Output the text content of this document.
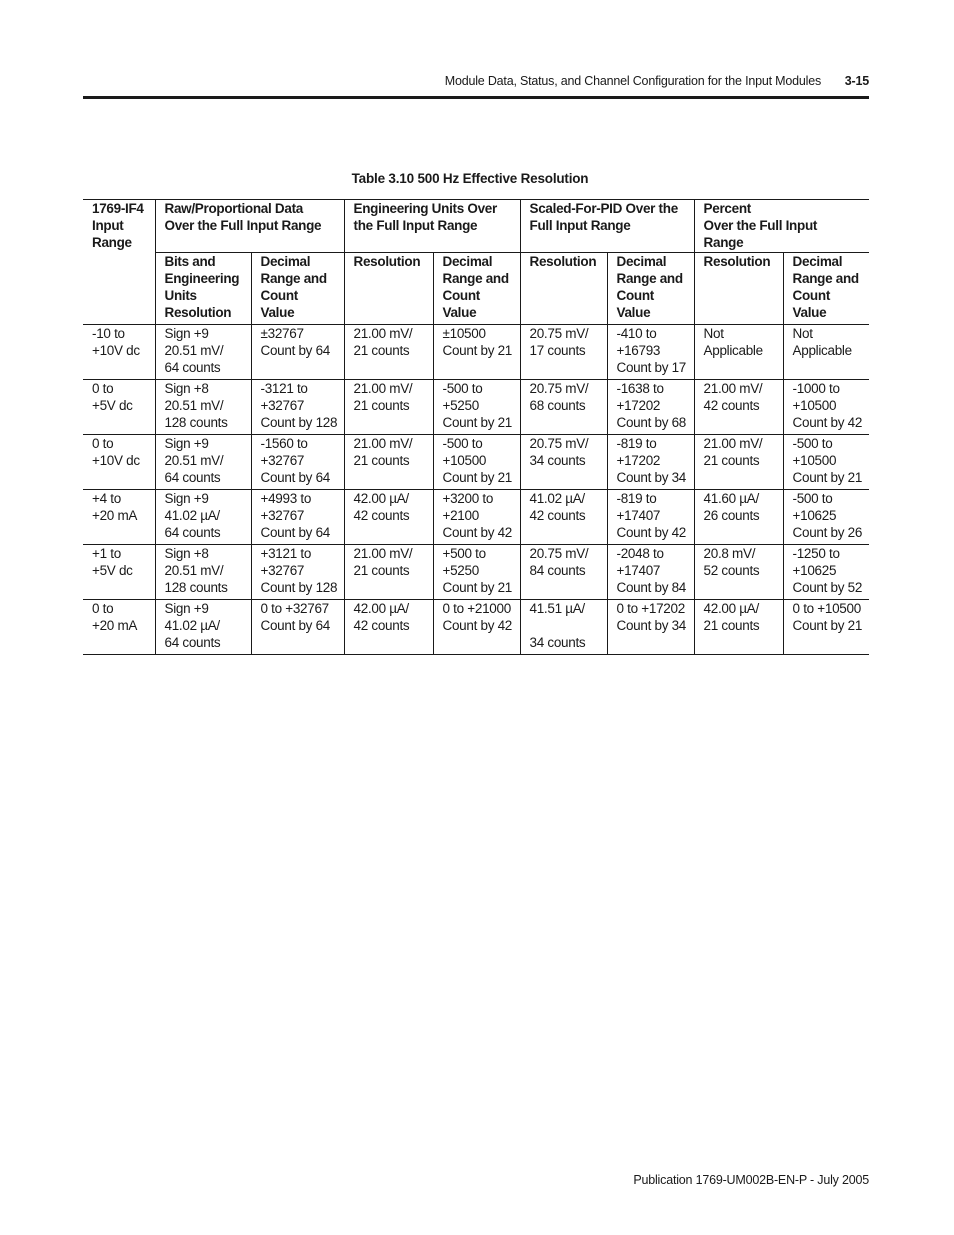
Module Data, Status, and Channel Configuration for the Input Modules 3-15
Table 3.10 500 Hz Effective Resolution
1769-IF4
Input
Range	Raw/Proportional Data
Over the Full Input Range		Engineering Units Over
the Full Input Range		Scaled-For-PID Over the
Full Input Range		Percent
Over the Full Input
Range	
	Bits and
Engineering
Units
Resolution	Decimal
Range and
Count
Value	Resolution	Decimal
Range and
Count
Value	Resolution	Decimal
Range and
Count
Value	Resolution	Decimal
Range and
Count
Value
-10 to
+10V dc	Sign +9
20.51 mV/
64 counts	±32767
Count by 64	21.00 mV/
21 counts	±10500
Count by 21	20.75 mV/
17 counts	-410 to
+16793
Count by 17	Not
Applicable	Not
Applicable
0 to
+5V dc	Sign +8
20.51 mV/
128 counts	-3121 to
+32767
Count by 128	21.00 mV/
21 counts	-500 to
+5250
Count by 21	20.75 mV/
68 counts	-1638 to
+17202
Count by 68	21.00 mV/
42 counts	-1000 to
+10500
Count by 42
0 to
+10V dc	Sign +9
20.51 mV/
64 counts	-1560 to
+32767
Count by 64	21.00 mV/
21 counts	-500 to
+10500
Count by 21	20.75 mV/
34 counts	-819 to
+17202
Count by 34	21.00 mV/
21 counts	-500 to
+10500
Count by 21
+4 to
+20 mA	Sign +9
41.02 µA/
64 counts	+4993 to
+32767
Count by 64	42.00 µA/
42 counts	+3200 to
+2100
Count by 42	41.02 µA/
42 counts	-819 to
+17407
Count by 42	41.60 µA/
26 counts	-500 to
+10625
Count by 26
+1 to
+5V dc	Sign +8
20.51 mV/
128 counts	+3121 to
+32767
Count by 128	21.00 mV/
21 counts	+500 to
+5250
Count by 21	20.75 mV/
84 counts	-2048 to
+17407
Count by 84	20.8 mV/
52 counts	-1250 to
+10625
Count by 52
0 to
+20 mA	Sign +9
41.02 µA/
64 counts	0 to +32767
Count by 64	42.00 µA/
42 counts	0 to +21000
Count by 42	41.51 µA/

34 counts	0 to +17202
Count by 34	42.00 µA/
21 counts	0 to +10500
Count by 21
Publication 1769-UM002B-EN-P - July 2005
